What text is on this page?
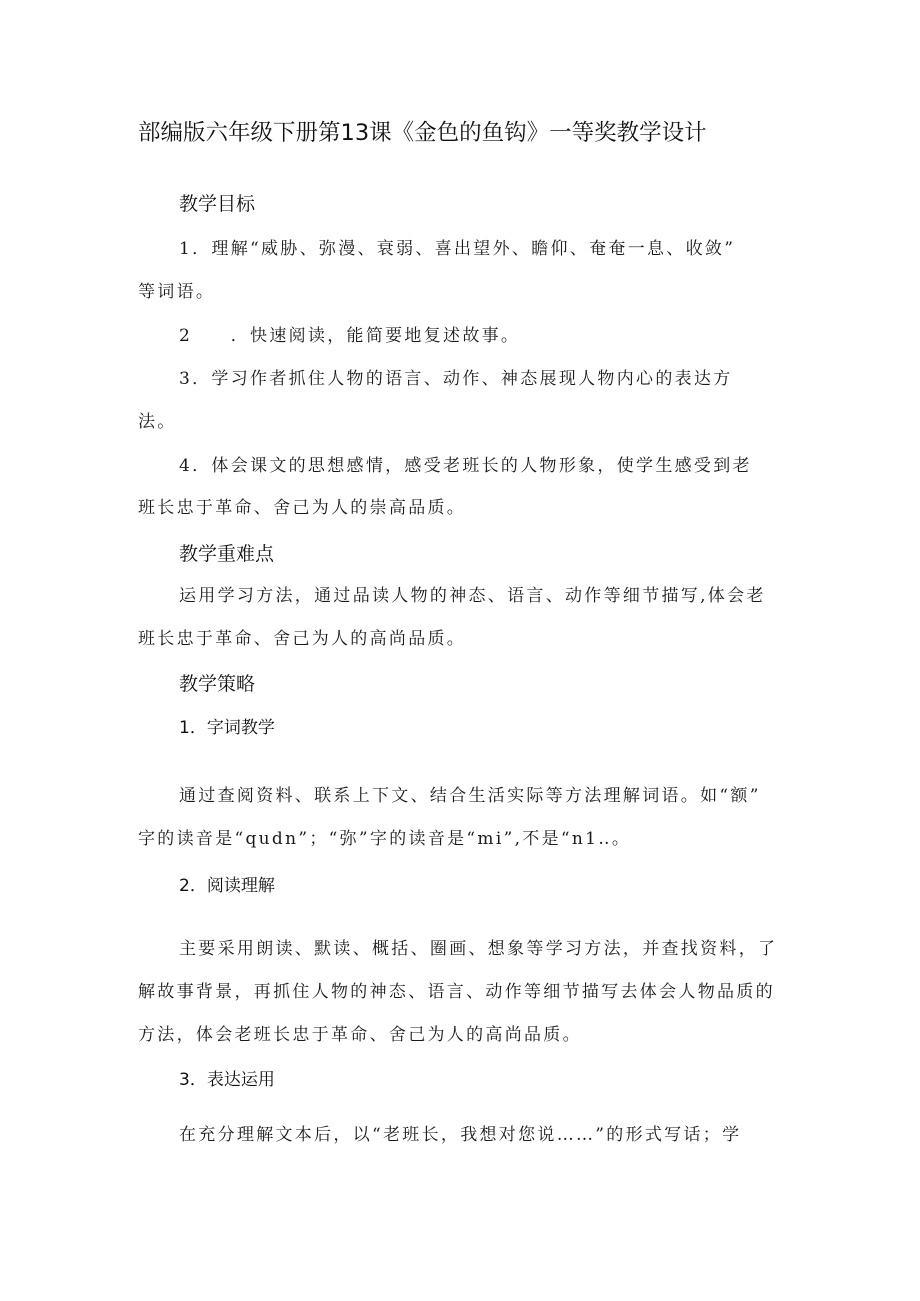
部编版六年级下册第13课《金色的鱼钩》一等奖教学设计
教学目标
1．理解“威胁、弥漫、衰弱、喜出望外、瞻仰、奄奄一息、收敛”
等词语。
2　　．快速阅读，能简要地复述故事。
3．学习作者抓住人物的语言、动作、神态展现人物内心的表达方
法。
4．体会课文的思想感情，感受老班长的人物形象，使学生感受到老
班长忠于革命、舍己为人的崇高品质。
教学重难点
运用学习方法，通过品读人物的神态、语言、动作等细节描写,体会老
班长忠于革命、舍己为人的高尚品质。
教学策略
1．字词教学
通过查阅资料、联系上下文、结合生活实际等方法理解词语。如“额”
字的读音是“qudn”；“弥”字的读音是“mi”,不是“n1‥。
2．阅读理解
主要采用朗读、默读、概括、圈画、想象等学习方法，并查找资料，了
解故事背景，再抓住人物的神态、语言、动作等细节描写去体会人物品质的
方法，体会老班长忠于革命、舍己为人的高尚品质。
3．表达运用
在充分理解文本后，以“老班长，我想对您说……”的形式写话；学
